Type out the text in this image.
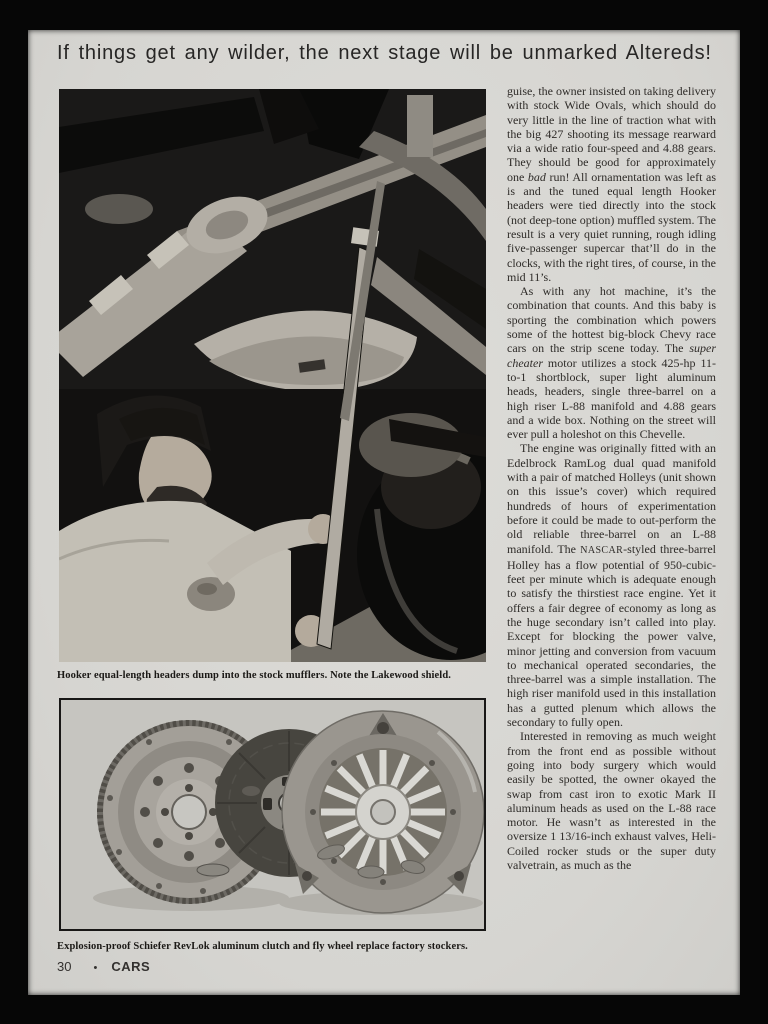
If things get any wilder, the next stage will be unmarked Altereds!

Hooker equal-length headers dump into the stock mufflers. Note the Lakewood shield.

Explosion-proof Schiefer RevLok aluminum clutch and fly wheel replace factory stockers.

guise, the owner insisted on taking delivery with stock Wide Ovals, which should do very little in the line of traction what with the big 427 shooting its message rearward via a wide ratio four-speed and 4.88 gears. They should be good for approximately one bad run! All ornamentation was left as is and the tuned equal length Hooker headers were tied directly into the stock (not deep-tone option) muffled system. The result is a very quiet running, rough idling five-passenger supercar that’ll do in the clocks, with the right tires, of course, in the mid 11’s.

As with any hot machine, it’s the combination that counts. And this baby is sporting the combination which powers some of the hottest big-block Chevy race cars on the strip scene today. The super cheater motor utilizes a stock 425-hp 11-to-1 shortblock, super light aluminum heads, headers, single three-barrel on a high riser L-88 manifold and 4.88 gears and a wide box. Nothing on the street will ever pull a holeshot on this Chevelle.

The engine was originally fitted with an Edelbrock RamLog dual quad manifold with a pair of matched Holleys (unit shown on this issue’s cover) which required hundreds of hours of experimentation before it could be made to out-perform the old reliable three-barrel on an L-88 manifold. The NASCAR-styled three-barrel Holley has a flow potential of 950-cubic-feet per minute which is adequate enough to satisfy the thirstiest race engine. Yet it offers a fair degree of economy as long as the huge secondary isn’t called into play. Except for blocking the power valve, minor jetting and conversion from vacuum to mechanical operated secondaries, the three-barrel was a simple installation. The high riser manifold used in this installation has a gutted plenum which allows the secondary to fully open.

Interested in removing as much weight from the front end as possible without going into body surgery which would easily be spotted, the owner okayed the swap from cast iron to exotic Mark II aluminum heads as used on the L-88 race motor. He wasn’t as interested in the oversize 1 13/16-inch exhaust valves, Heli-Coiled rocker studs or the super duty valvetrain, as much as the

30 • CARS
